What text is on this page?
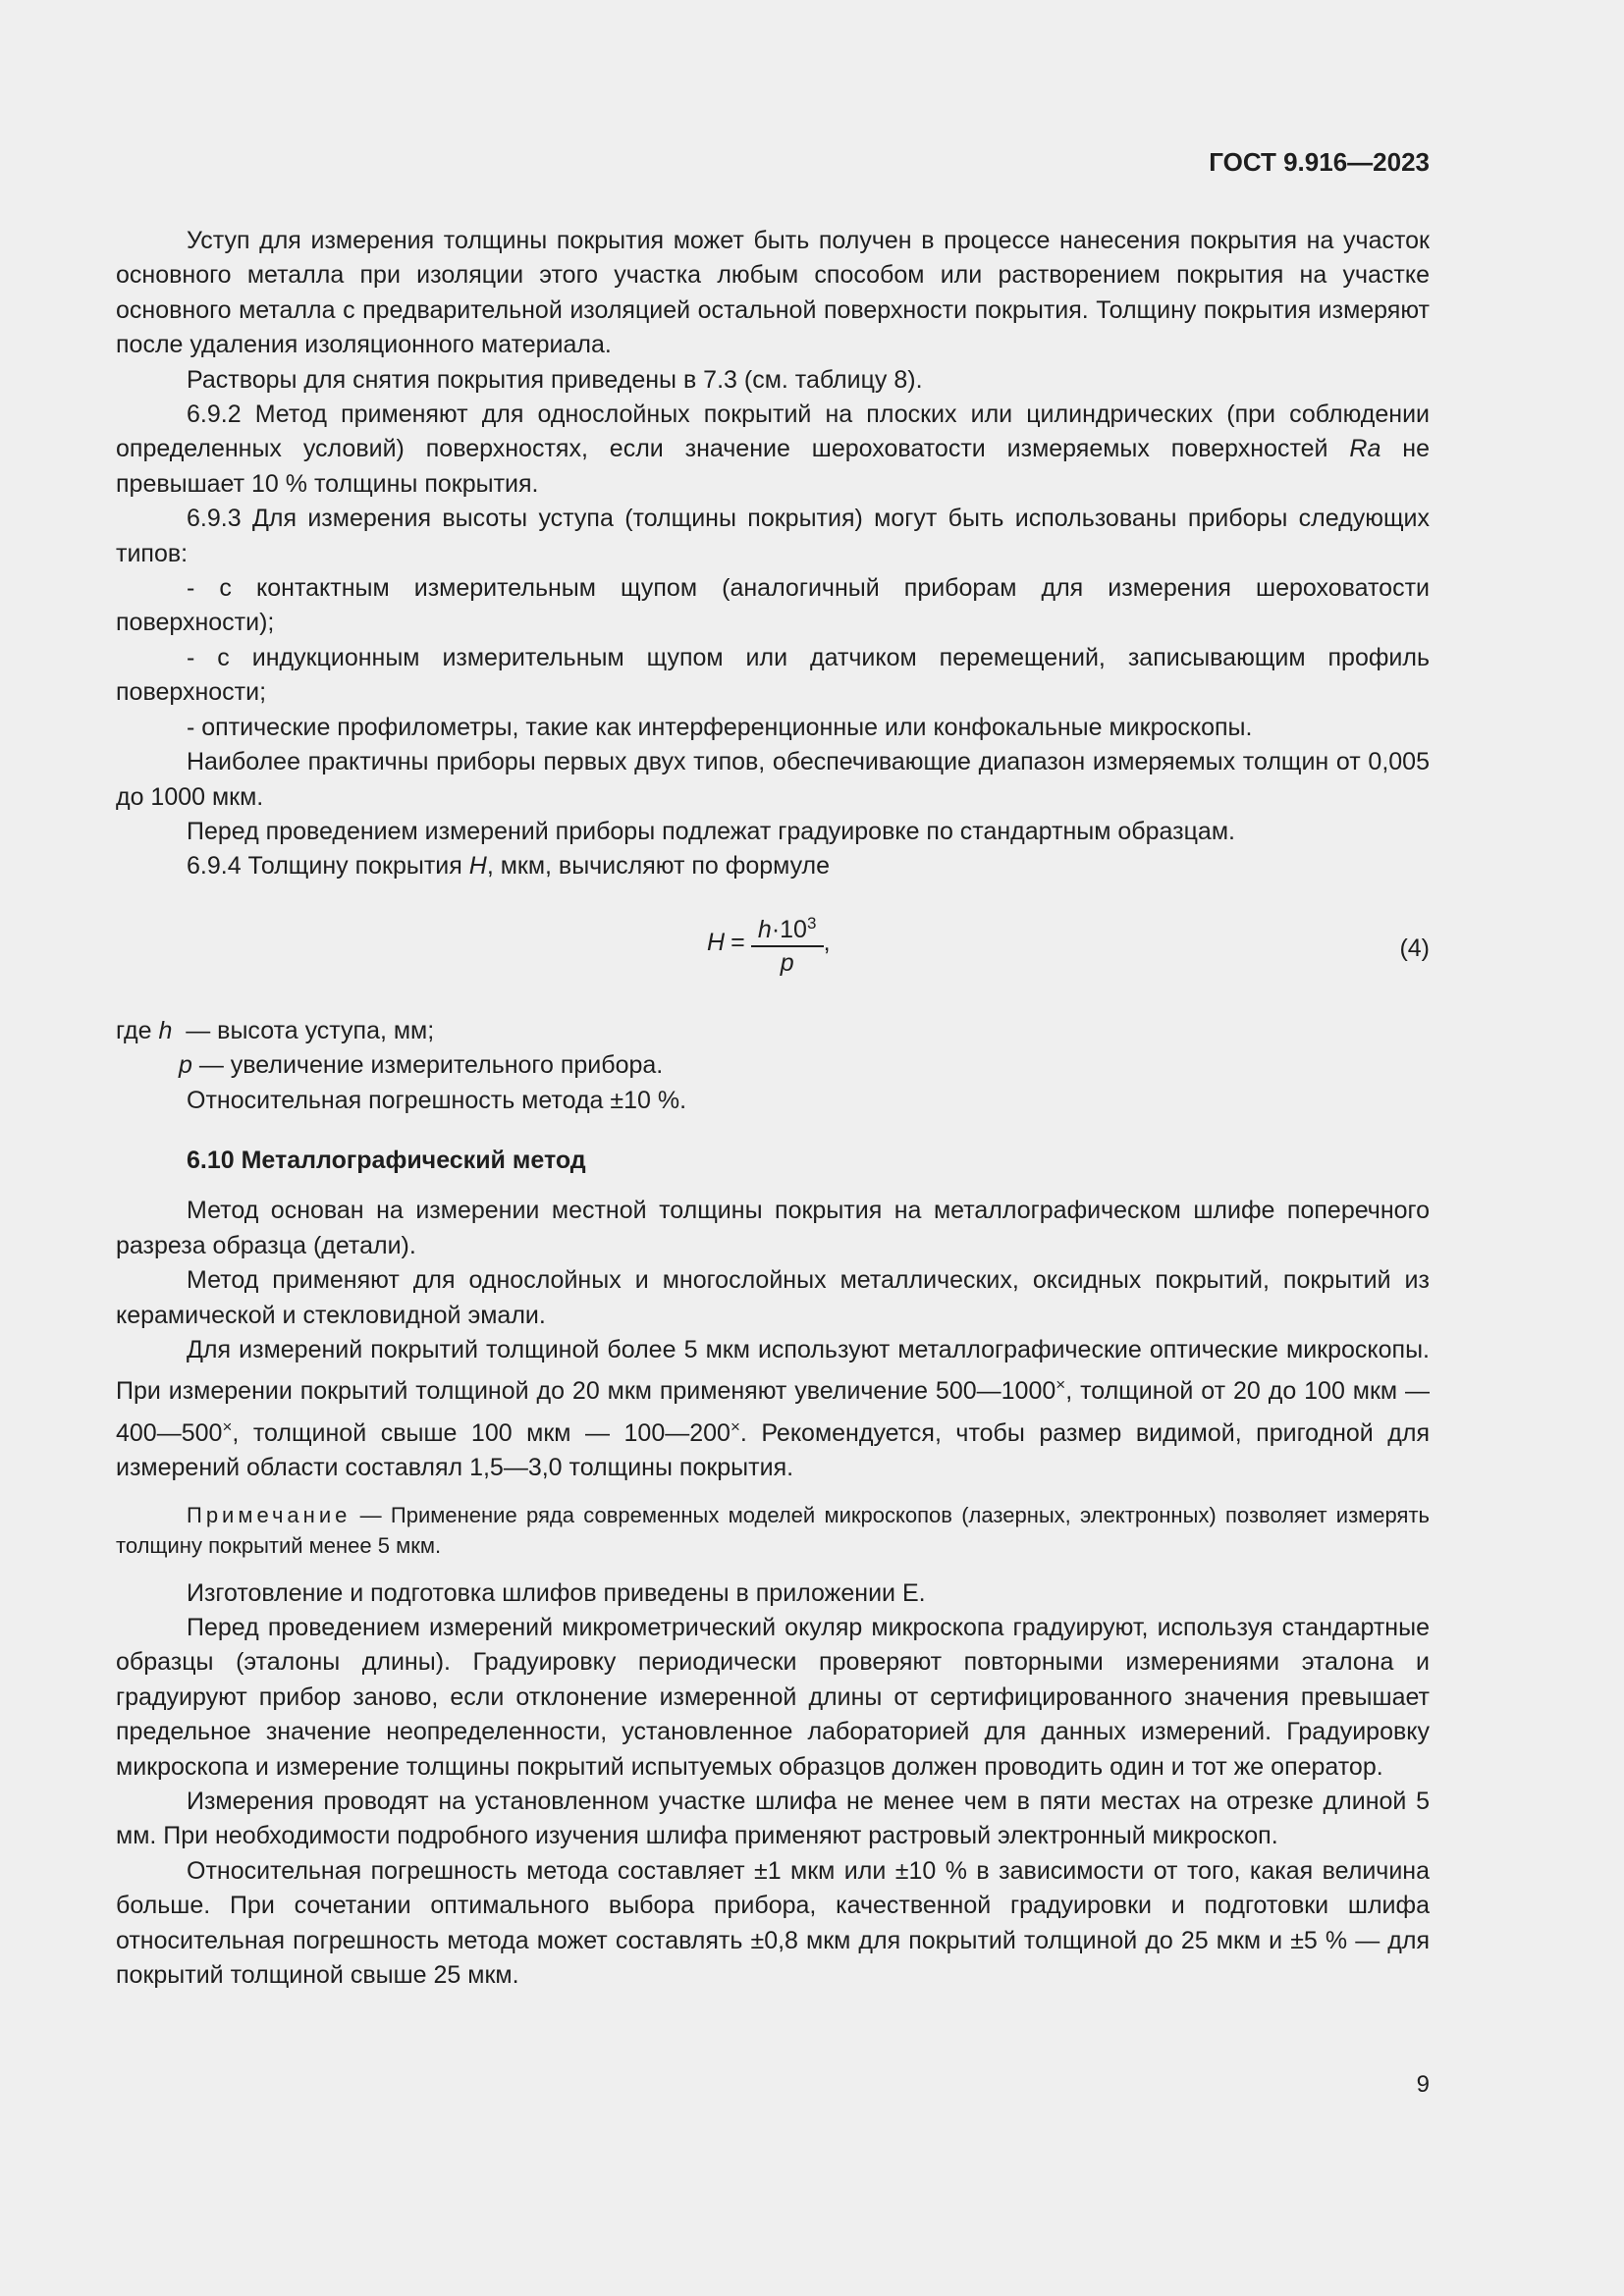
ГОСТ 9.916—2023

Уступ для измерения толщины покрытия может быть получен в процессе нанесения покрытия на участок основного металла при изоляции этого участка любым способом или растворением покрытия на участке основного металла с предварительной изоляцией остальной поверхности покрытия. Толщину покрытия измеряют после удаления изоляционного материала.

Растворы для снятия покрытия приведены в 7.3 (см. таблицу 8).

6.9.2 Метод применяют для однослойных покрытий на плоских или цилиндрических (при соблюдении определенных условий) поверхностях, если значение шероховатости измеряемых поверхностей Ra не превышает 10 % толщины покрытия.

6.9.3 Для измерения высоты уступа (толщины покрытия) могут быть использованы приборы следующих типов:

- с контактным измерительным щупом (аналогичный приборам для измерения шероховатости поверхности);

- с индукционным измерительным щупом или датчиком перемещений, записывающим профиль поверхности;

- оптические профилометры, такие как интерференционные или конфокальные микроскопы.

Наиболее практичны приборы первых двух типов, обеспечивающие диапазон измеряемых толщин от 0,005 до 1000 мкм.

Перед проведением измерений приборы подлежат градуировке по стандартным образцам.

6.9.4 Толщину покрытия H, мкм, вычисляют по формуле

$H = \frac{h\cdot 10^3}{p}$ ,	(4)

где h  — высота уступа, мм;

p — увеличение измерительного прибора.

Относительная погрешность метода ±10 %.

6.10 Металлографический метод

Метод основан на измерении местной толщины покрытия на металлографическом шлифе поперечного разреза образца (детали).

Метод применяют для однослойных и многослойных металлических, оксидных покрытий, покрытий из керамической и стекловидной эмали.

Для измерений покрытий толщиной более 5 мкм используют металлографические оптические микроскопы. При измерении покрытий толщиной до 20 мкм применяют увеличение 500—1000×, толщиной от 20 до 100 мкм — 400—500×, толщиной свыше 100 мкм — 100—200×. Рекомендуется, чтобы размер видимой, пригодной для измерений области составлял 1,5—3,0 толщины покрытия.

Примечание — Применение ряда современных моделей микроскопов (лазерных, электронных) позволяет измерять толщину покрытий менее 5 мкм.

Изготовление и подготовка шлифов приведены в приложении Е.

Перед проведением измерений микрометрический окуляр микроскопа градуируют, используя стандартные образцы (эталоны длины). Градуировку периодически проверяют повторными измерениями эталона и градуируют прибор заново, если отклонение измеренной длины от сертифицированного значения превышает предельное значение неопределенности, установленное лабораторией для данных измерений. Градуировку микроскопа и измерение толщины покрытий испытуемых образцов должен проводить один и тот же оператор.

Измерения проводят на установленном участке шлифа не менее чем в пяти местах на отрезке длиной 5 мм. При необходимости подробного изучения шлифа применяют растровый электронный микроскоп.

Относительная погрешность метода составляет ±1 мкм или ±10 % в зависимости от того, какая величина больше. При сочетании оптимального выбора прибора, качественной градуировки и подготовки шлифа относительная погрешность метода может составлять ±0,8 мкм для покрытий толщиной до 25 мкм и ±5 % — для покрытий толщиной свыше 25 мкм.

9
